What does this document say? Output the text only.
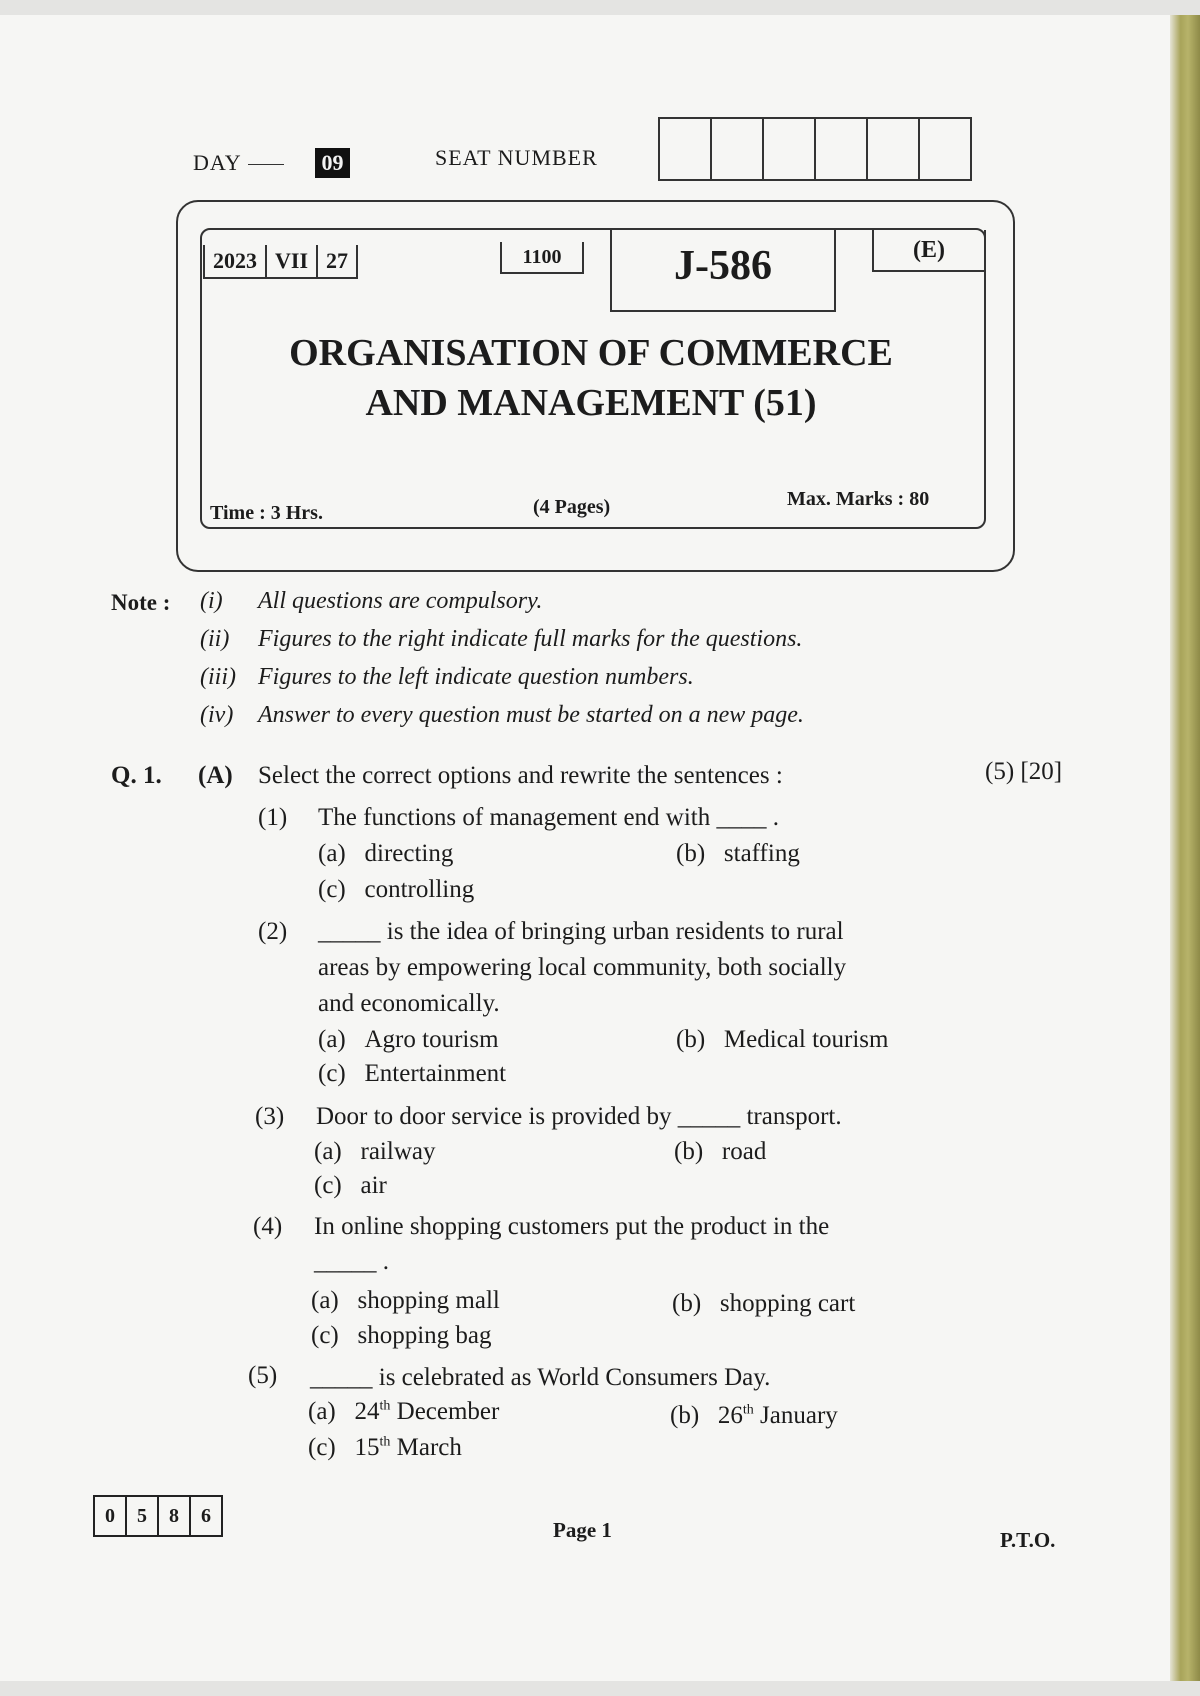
DAY	09	SEAT NUMBER
2023 VII 27	1100	J-586	(E)
ORGANISATION OF COMMERCE
AND MANAGEMENT (51)
Time : 3 Hrs.	(4 Pages)	Max. Marks : 80
Note : (i) All questions are compulsory.
(ii) Figures to the right indicate full marks for the questions.
(iii) Figures to the left indicate question numbers.
(iv) Answer to every question must be started on a new page.
Q. 1. (A) Select the correct options and rewrite the sentences :	(5) [20]
(1) The functions of management end with ____ .
(a) directing	(b) staffing
(c) controlling
(2) _____ is the idea of bringing urban residents to rural
areas by empowering local community, both socially
and economically.
(a) Agro tourism	(b) Medical tourism
(c) Entertainment
(3) Door to door service is provided by _____ transport.
(a) railway	(b) road
(c) air
(4) In online shopping customers put the product in the
_____ .
(a) shopping mall	(b) shopping cart
(c) shopping bag
(5) _____ is celebrated as World Consumers Day.
(a) 24th December	(b) 26th January
(c) 15th March
0	5	8	6
Page 1	P.T.O.
